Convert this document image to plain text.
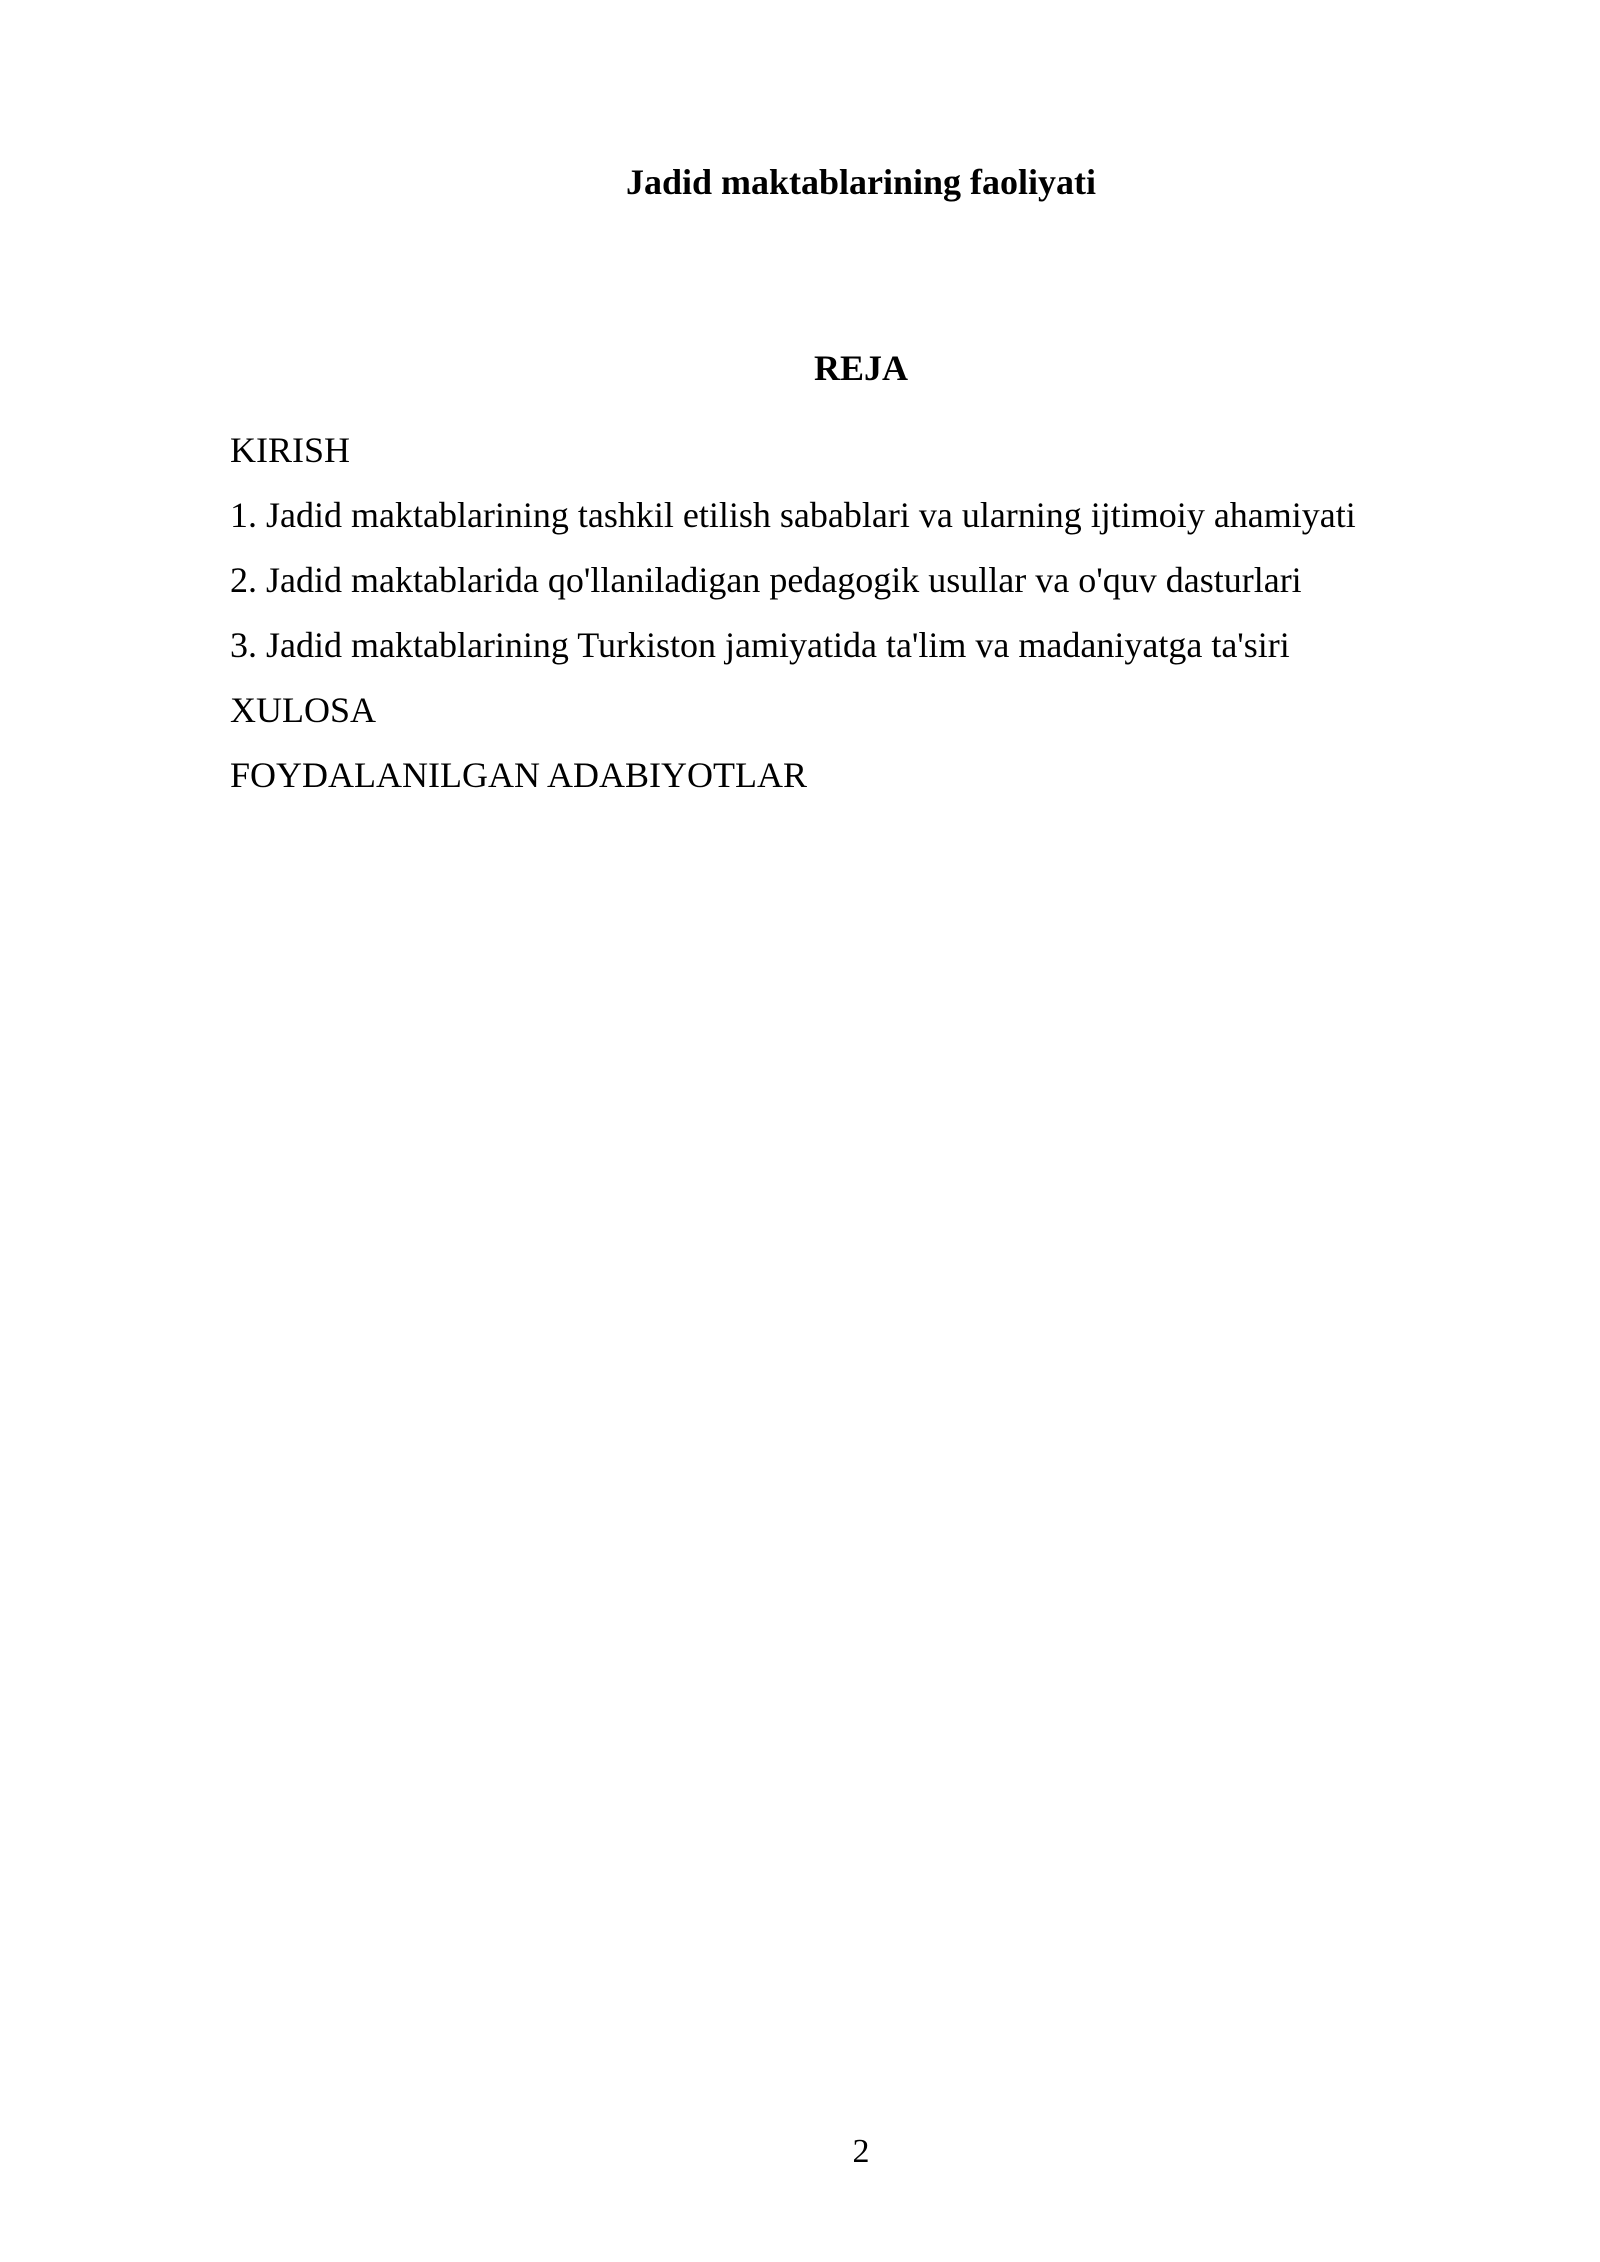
Jadid maktablarining faoliyati
REJA
KIRISH
1. Jadid maktablarining tashkil etilish sabablari va ularning ijtimoiy ahamiyati
2. Jadid maktablarida qo'llaniladigan pedagogik usullar va o'quv dasturlari
3. Jadid maktablarining Turkiston jamiyatida ta'lim va madaniyatga ta'siri
XULOSA
FOYDALANILGAN ADABIYOTLAR
2
